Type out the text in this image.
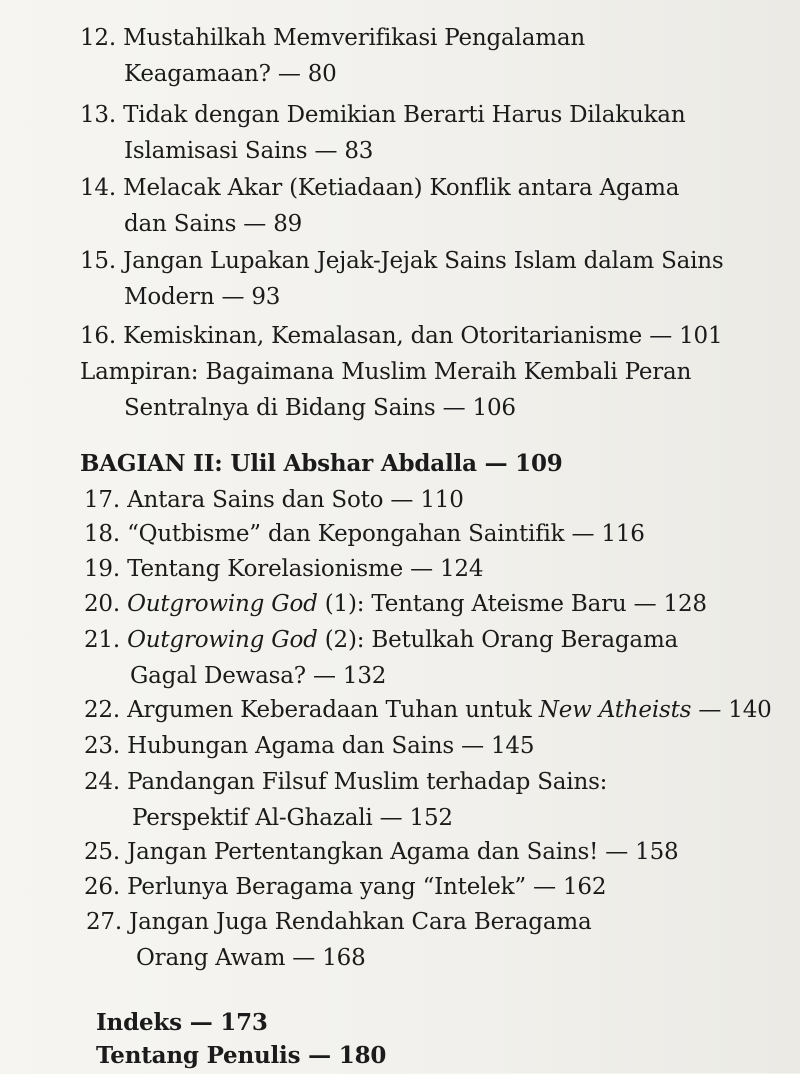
12. Mustahilkah Memverifikasi Pengalaman
Keagamaan? — 80
13. Tidak dengan Demikian Berarti Harus Dilakukan
Islamisasi Sains — 83
14. Melacak Akar (Ketiadaan) Konflik antara Agama
dan Sains — 89
15. Jangan Lupakan Jejak-Jejak Sains Islam dalam Sains
Modern — 93
16. Kemiskinan, Kemalasan, dan Otoritarianisme — 101
Lampiran: Bagaimana Muslim Meraih Kembali Peran
Sentralnya di Bidang Sains — 106
BAGIAN II: Ulil Abshar Abdalla — 109
17. Antara Sains dan Soto — 110
18. “Qutbisme” dan Kepongahan Saintifik — 116
19. Tentang Korelasionisme — 124
20. Outgrowing God (1): Tentang Ateisme Baru — 128
21. Outgrowing God (2): Betulkah Orang Beragama
Gagal Dewasa? — 132
22. Argumen Keberadaan Tuhan untuk New Atheists — 140
23. Hubungan Agama dan Sains — 145
24. Pandangan Filsuf Muslim terhadap Sains:
Perspektif Al-Ghazali — 152
25. Jangan Pertentangkan Agama dan Sains! — 158
26. Perlunya Beragama yang “Intelek” — 162
27. Jangan Juga Rendahkan Cara Beragama
Orang Awam — 168
Indeks — 173
Tentang Penulis — 180
